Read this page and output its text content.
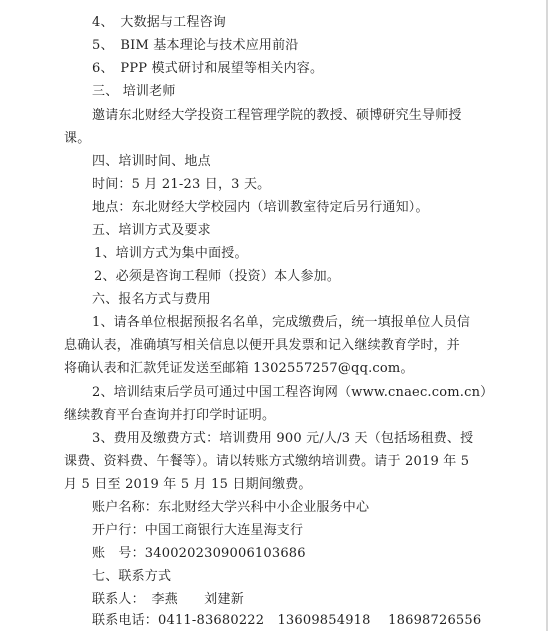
4、　大数据与工程咨询
5、　BIM 基本理论与技术应用前沿
6、　PPP 模式研讨和展望等相关内容。
三、 培训老师
邀请东北财经大学投资工程管理学院的教授、硕博研究生导师授
课。
四、培训时间、地点
时间：5 月 21-23 日，3 天。
地点：东北财经大学校园内（培训教室待定后另行通知）。
五、培训方式及要求
1、培训方式为集中面授。
2、必须是咨询工程师（投资）本人参加。
六、报名方式与费用
1、请各单位根据预报名名单，完成缴费后，统一填报单位人员信
息确认表，准确填写相关信息以便开具发票和记入继续教育学时，并
将确认表和汇款凭证发送至邮箱 1302557257@qq.com。
2、培训结束后学员可通过中国工程咨询网（www.cnaec.com.cn）
继续教育平台查询并打印学时证明。
3、费用及缴费方式：培训费用 900 元/人/3 天（包括场租费、授
课费、资料费、午餐等）。请以转账方式缴纳培训费。请于 2019 年 5
月 5 日至 2019 年 5 月 15 日期间缴费。
账户名称：东北财经大学兴科中小企业服务中心
开户行：中国工商银行大连星海支行
账　号：3400202309006103686
七、联系方式
联系人：　李燕　　刘建新
联系电话：0411-83680222　13609854918　 18698726556
